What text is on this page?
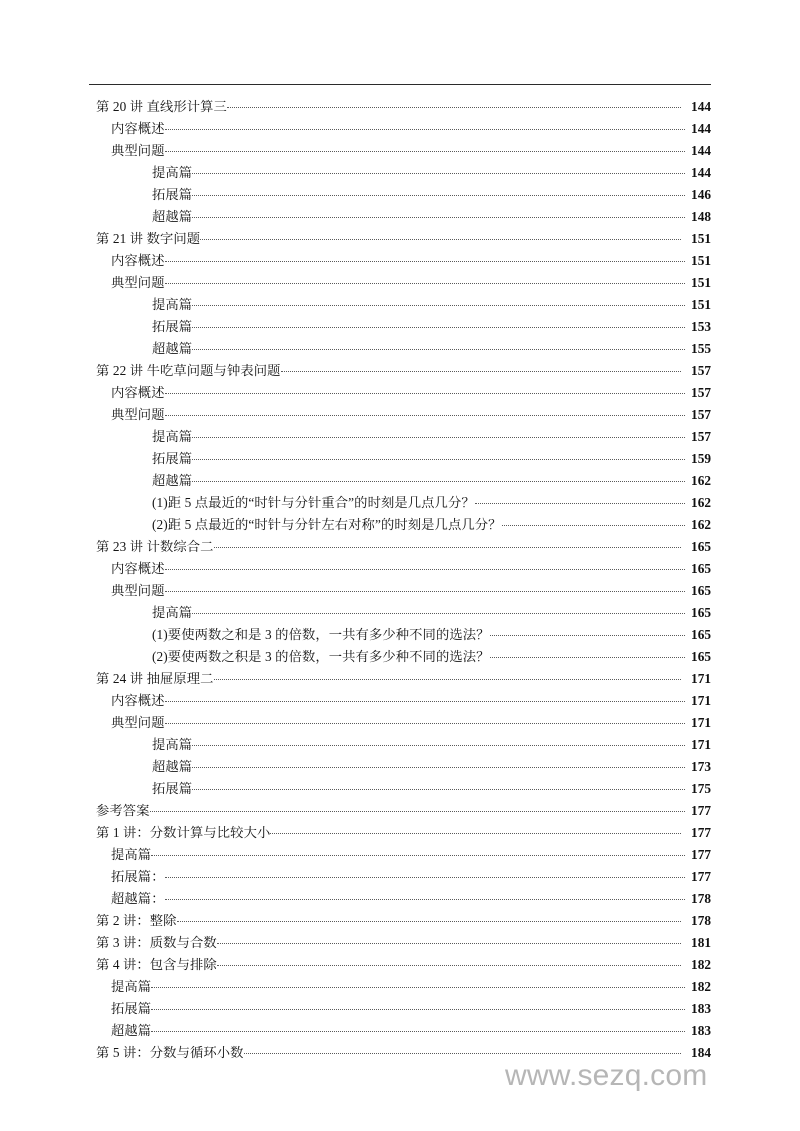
第 20 讲 直线形计算三	144
内容概述	144
典型问题	144
提高篇	144
拓展篇	146
超越篇	148
第 21 讲 数字问题	151
内容概述	151
典型问题	151
提高篇	151
拓展篇	153
超越篇	155
第 22 讲 牛吃草问题与钟表问题	157
内容概述	157
典型问题	157
提高篇	157
拓展篇	159
超越篇	162
(1)距 5 点最近的“时针与分针重合”的时刻是几点几分？	162
(2)距 5 点最近的“时针与分针左右对称”的时刻是几点几分？	162
第 23 讲 计数综合二	165
内容概述	165
典型问题	165
提高篇	165
(1)要使两数之和是 3 的倍数，一共有多少种不同的选法？	165
(2)要使两数之积是 3 的倍数，一共有多少种不同的选法？	165
第 24 讲 抽屉原理二	171
内容概述	171
典型问题	171
提高篇	171
超越篇	173
拓展篇	175
参考答案	177
第 1 讲：分数计算与比较大小	177
提高篇	177
拓展篇：	177
超越篇：	178
第 2 讲：整除	178
第 3 讲：质数与合数	181
第 4 讲：包含与排除	182
提高篇	182
拓展篇	183
超越篇	183
第 5 讲：分数与循环小数	184
www.sezq.com
